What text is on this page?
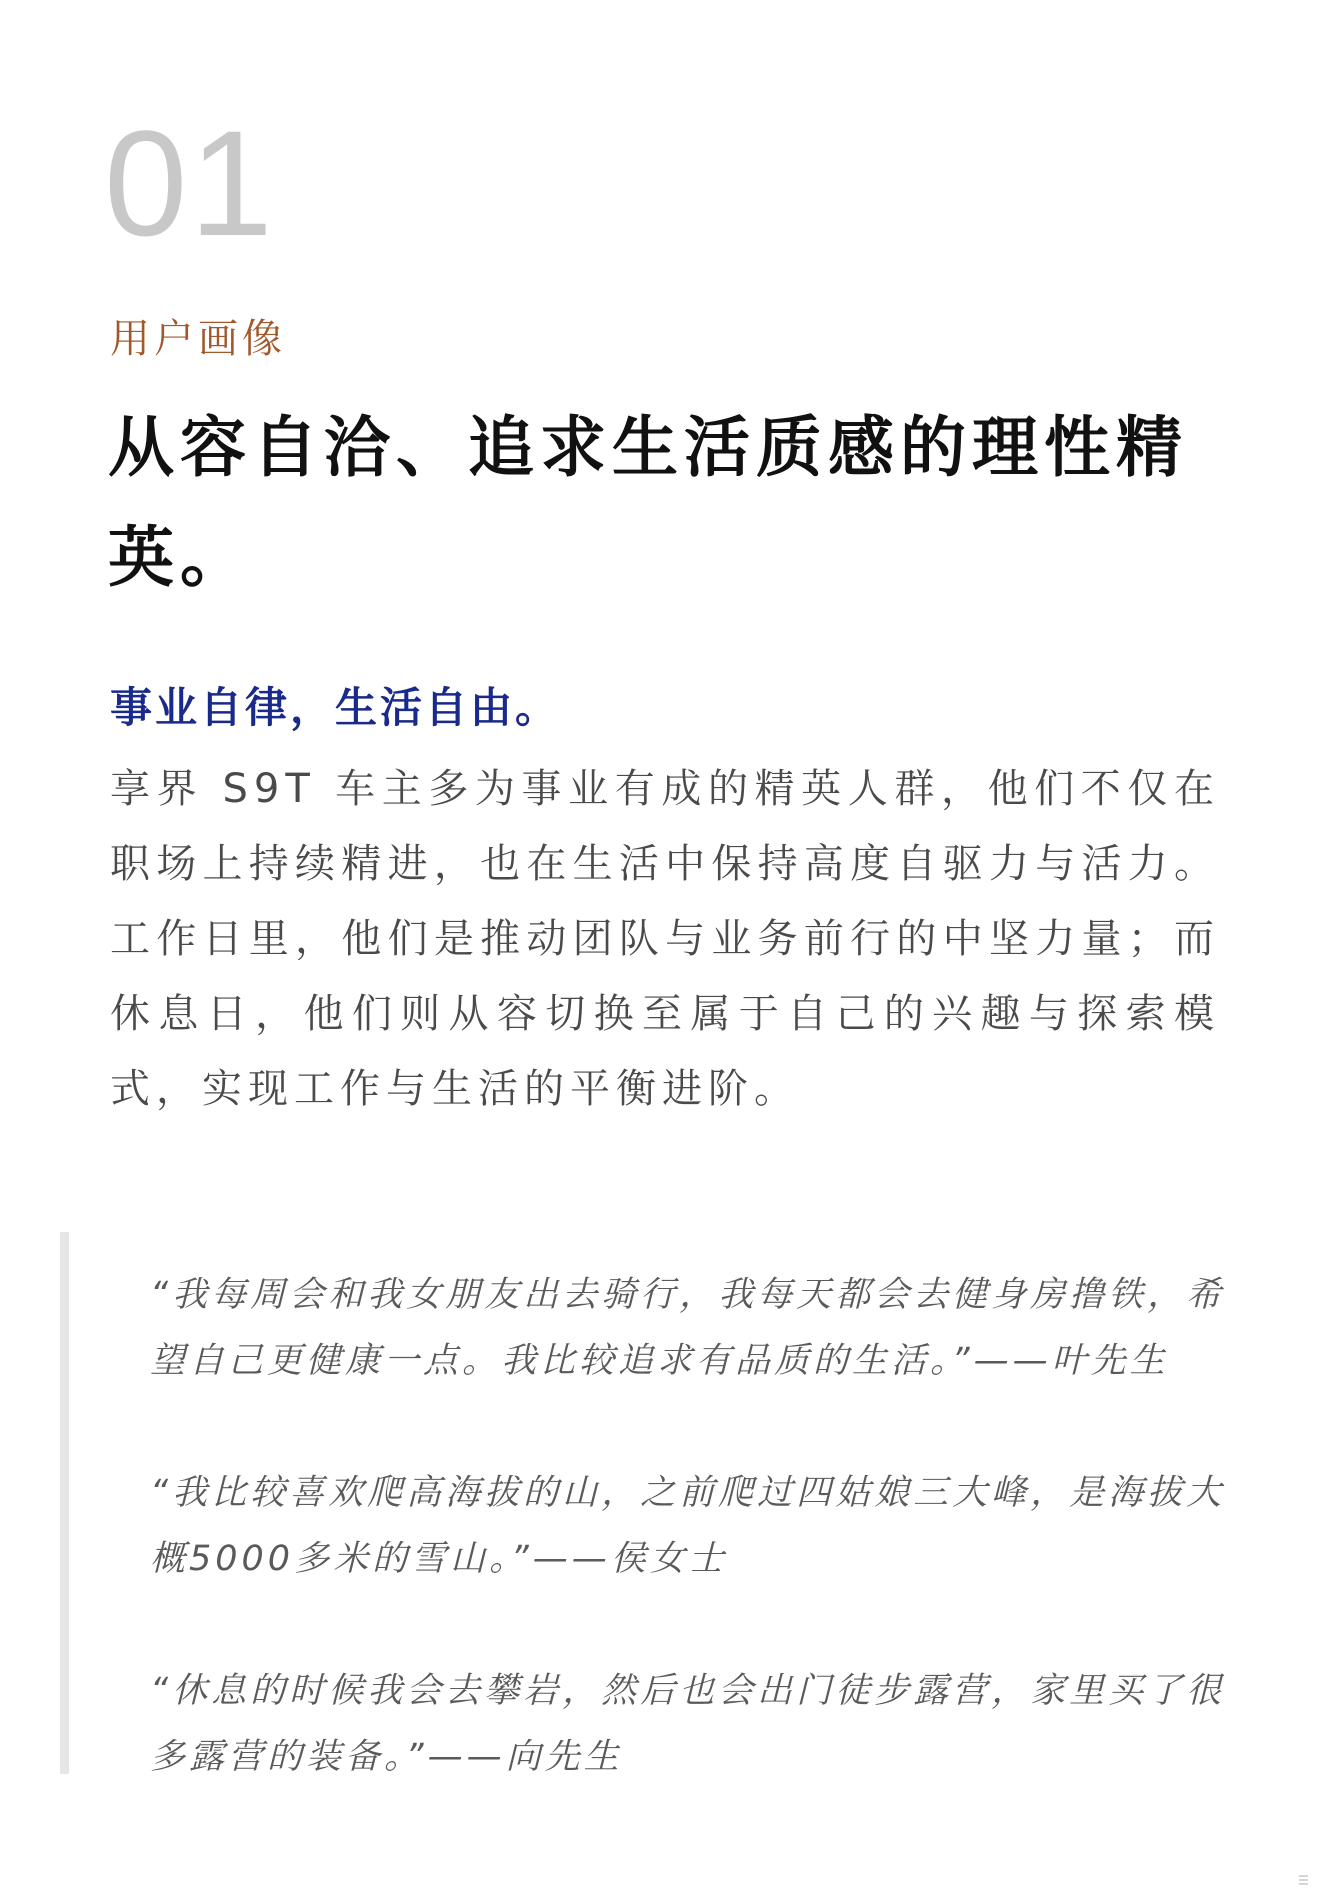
01
用户画像
从容自洽、追求生活质感的理性精英。
事业自律，生活自由。
享界 S9T 车主多为事业有成的精英人群，他们不仅在职场上持续精进，也在生活中保持高度自驱力与活力。工作日里，他们是推动团队与业务前行的中坚力量；而休息日，他们则从容切换至属于自己的兴趣与探索模式，实现工作与生活的平衡进阶。

“我每周会和我女朋友出去骑行，我每天都会去健身房撸铁，希望自己更健康一点。我比较追求有品质的生活。”——叶先生

“我比较喜欢爬高海拔的山，之前爬过四姑娘三大峰，是海拔大概5000多米的雪山。”——侯女士

“休息的时候我会去攀岩，然后也会出门徒步露营，家里买了很多露营的装备。”——向先生
